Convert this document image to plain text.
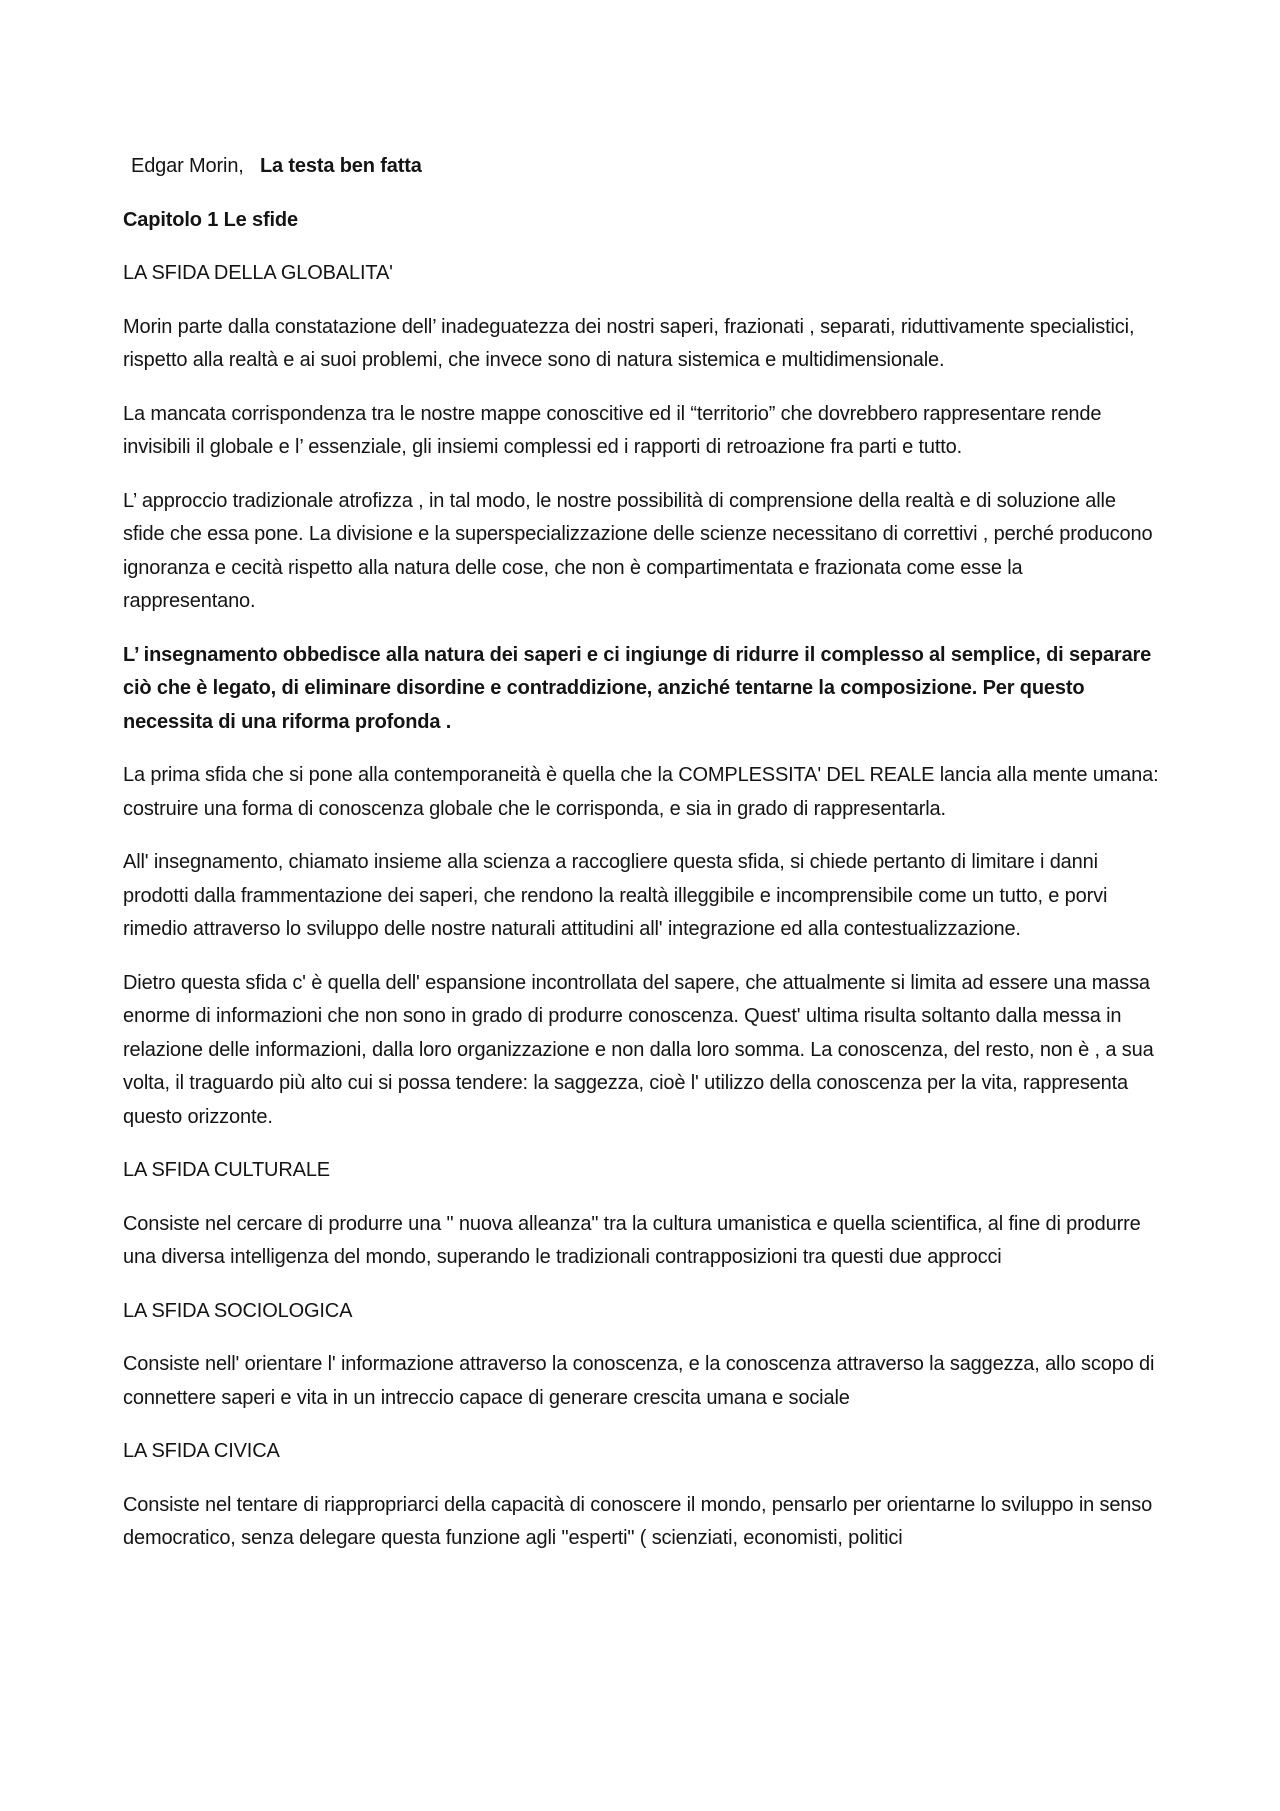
Edgar Morin, La testa ben fatta
Capitolo 1 Le sfide
LA SFIDA DELLA GLOBALITA'

Morin parte dalla constatazione dell’ inadeguatezza dei nostri saperi, frazionati , separati, riduttivamente specialistici, rispetto alla realtà e ai suoi problemi, che invece sono di natura sistemica e multidimensionale.

La mancata corrispondenza tra le nostre mappe conoscitive ed il “territorio” che dovrebbero rappresentare rende invisibili il globale e l’ essenziale, gli insiemi complessi ed i rapporti di retroazione fra parti e tutto.

L’ approccio tradizionale atrofizza , in tal modo, le nostre possibilità di comprensione della realtà e di soluzione alle sfide che essa pone. La divisione e la superspecializzazione delle scienze necessitano di correttivi , perché producono ignoranza e cecità rispetto alla natura delle cose, che non è compartimentata e frazionata come esse la rappresentano.

L’ insegnamento obbedisce alla natura dei saperi e ci ingiunge di ridurre il complesso al semplice, di separare ciò che è legato, di eliminare disordine e contraddizione, anziché tentarne la composizione. Per questo necessita di una riforma profonda .

La prima sfida che si pone alla contemporaneità è quella che la COMPLESSITA' DEL REALE lancia alla mente umana: costruire una forma di conoscenza globale che le corrisponda, e sia in grado di rappresentarla.

All' insegnamento, chiamato insieme alla scienza a raccogliere questa sfida, si chiede pertanto di limitare i danni prodotti dalla frammentazione dei saperi, che rendono la realtà illeggibile e incomprensibile come un tutto, e porvi rimedio attraverso lo sviluppo delle nostre naturali attitudini all' integrazione ed alla contestualizzazione.

Dietro questa sfida c' è quella dell' espansione incontrollata del sapere, che attualmente si limita ad essere una massa enorme di informazioni che non sono in grado di produrre conoscenza. Quest' ultima risulta soltanto dalla messa in relazione delle informazioni, dalla loro organizzazione e non dalla loro somma. La conoscenza, del resto, non è , a sua volta, il traguardo più alto cui si possa tendere: la saggezza, cioè l' utilizzo della conoscenza per la vita, rappresenta questo orizzonte.

LA SFIDA CULTURALE

Consiste nel cercare di produrre una " nuova alleanza" tra la cultura umanistica e quella scientifica, al fine di produrre una diversa intelligenza del mondo, superando le tradizionali contrapposizioni tra questi due approcci

LA SFIDA SOCIOLOGICA

Consiste nell' orientare l' informazione attraverso la conoscenza, e la conoscenza attraverso la saggezza, allo scopo di connettere saperi e vita in un intreccio capace di generare crescita umana e sociale

LA SFIDA CIVICA

Consiste nel tentare di riappropriarci della capacità di conoscere il mondo, pensarlo per orientarne lo sviluppo in senso democratico, senza delegare questa funzione agli "esperti" ( scienziati, economisti, politici
